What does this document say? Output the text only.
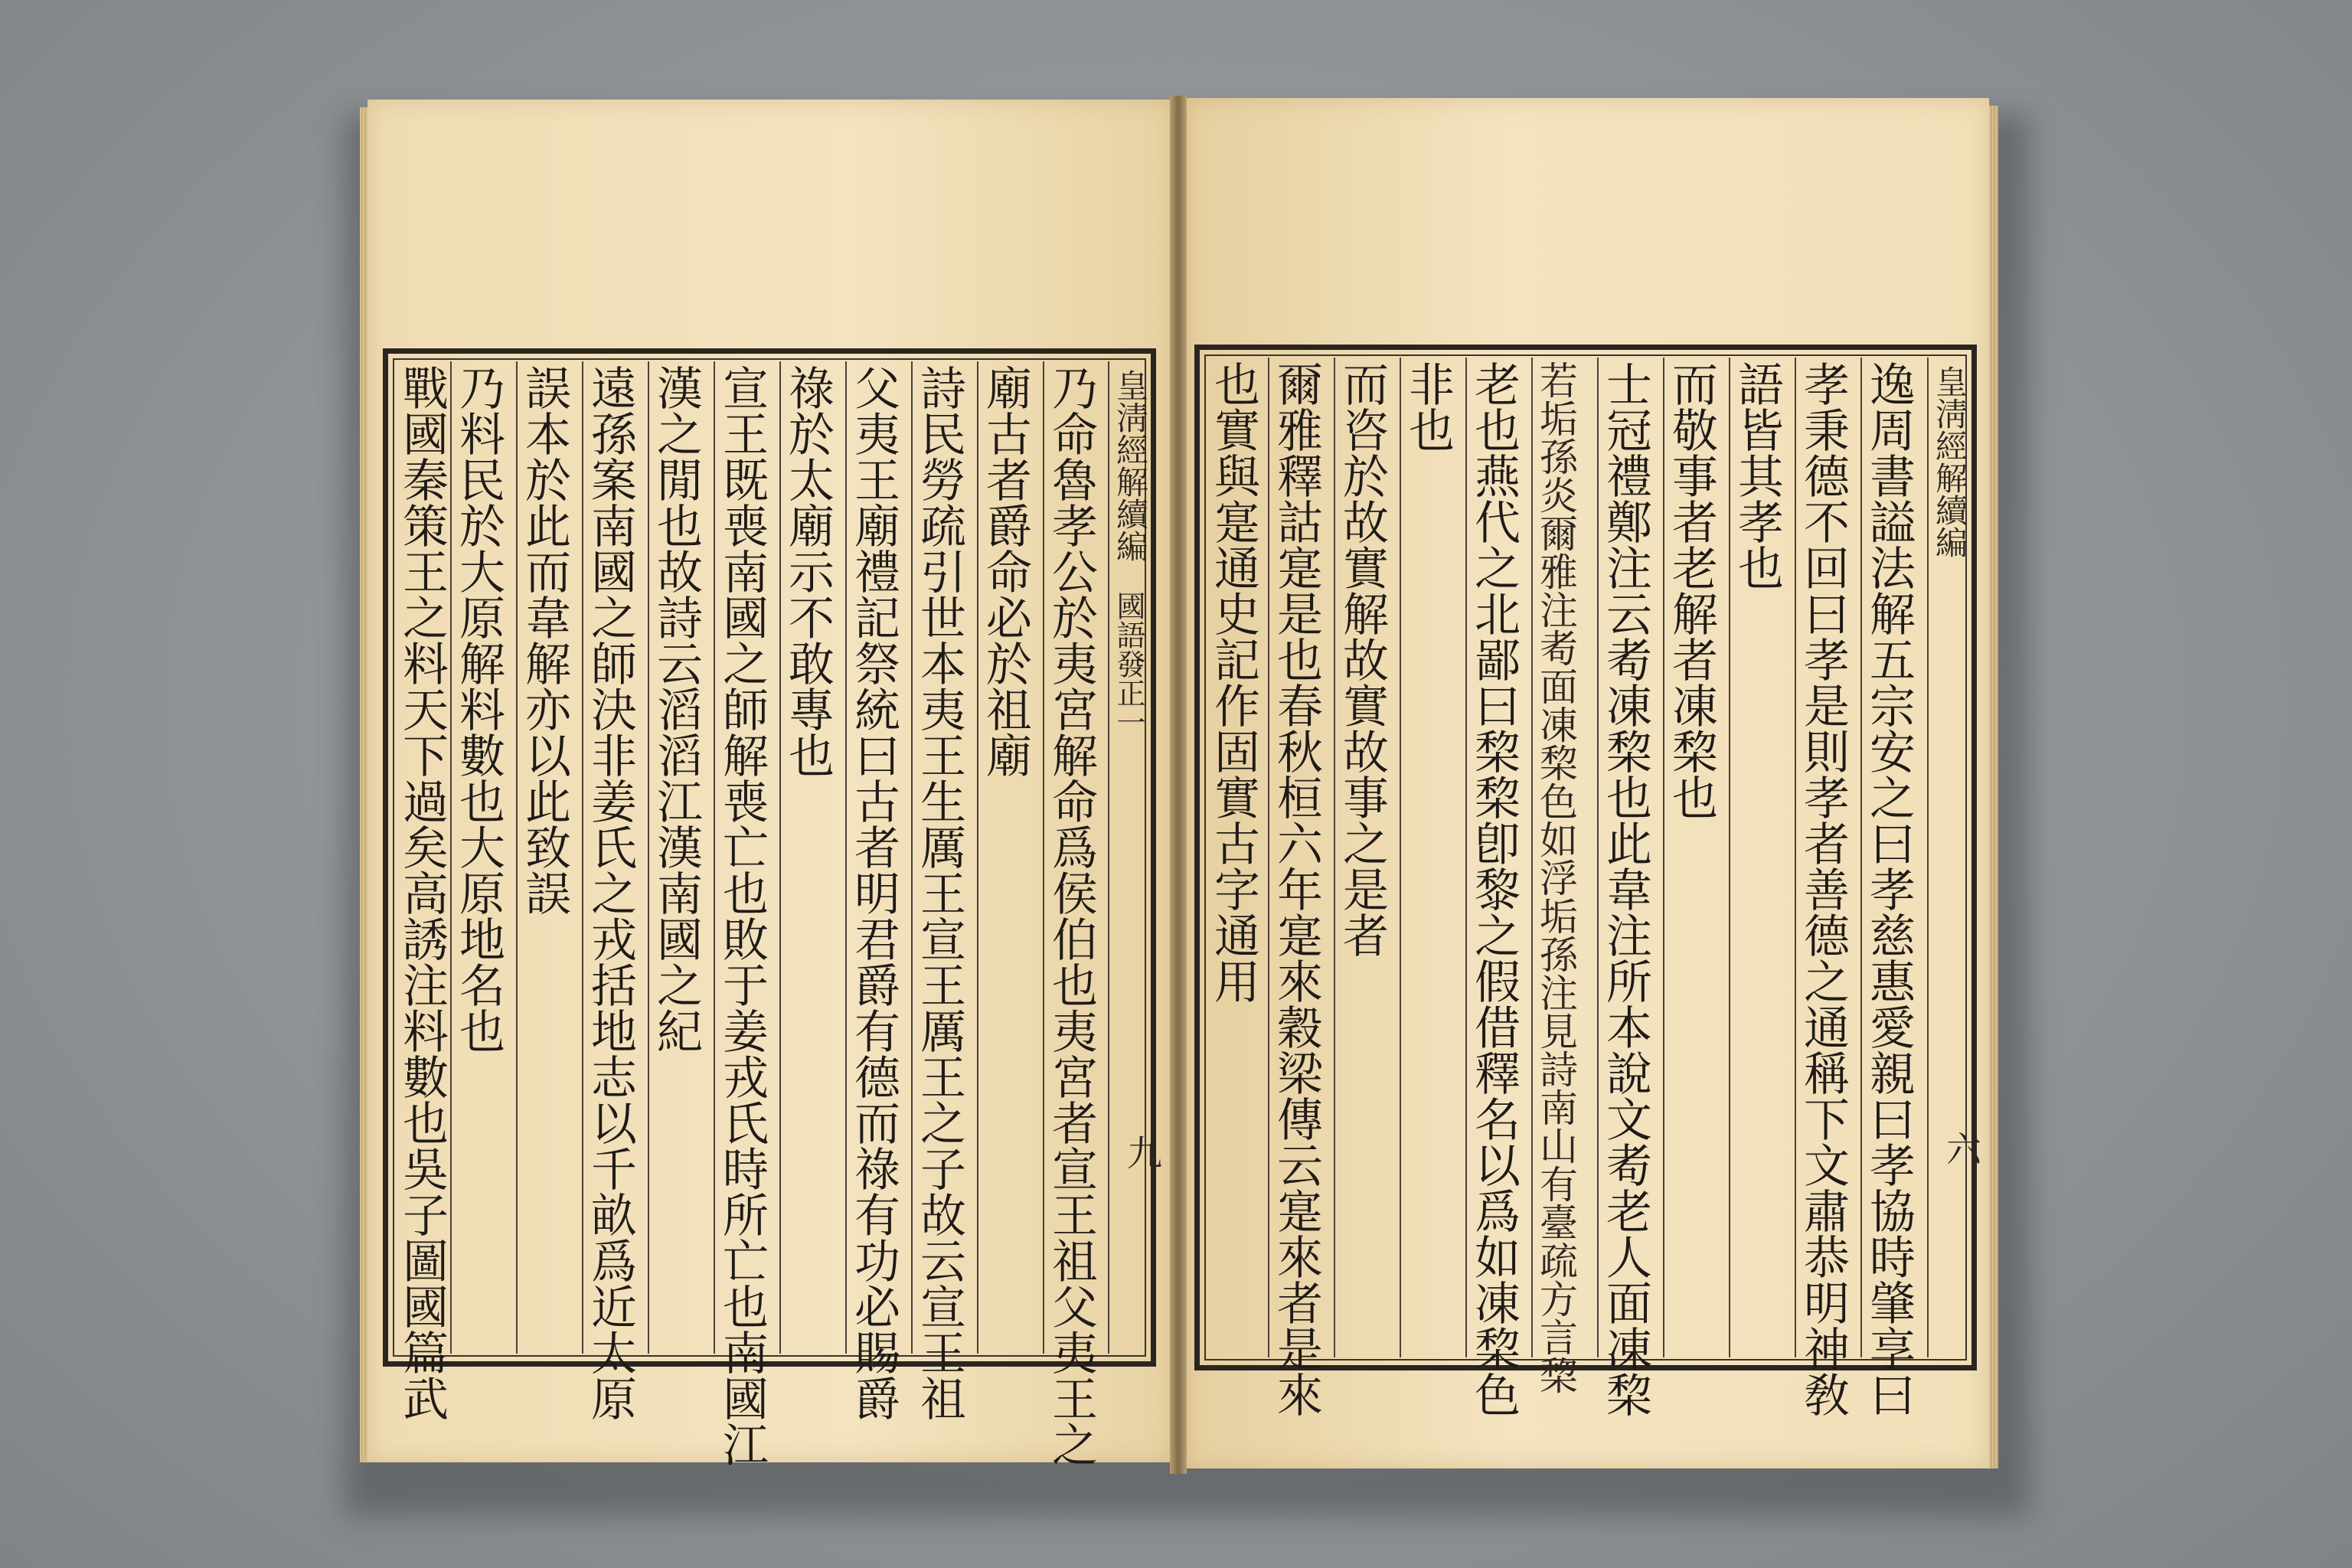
皇淸經解續編
國語發正一
九
乃命魯孝公於夷宮解命爲侯伯也夷宮者宣王祖父夷王之
廟古者爵命必於祖廟
詩民勞疏引世本夷王生厲王宣王厲王之子故云宣王祖
父夷王廟禮記祭統曰古者明君爵有德而祿有功必賜爵
祿於太廟示不敢專也
宣王既喪南國之師解喪亡也敗于姜戎氏時所亡也南國江
漢之閒也故詩云滔滔江漢南國之紀
遠孫案南國之師決非姜氏之戎括地志以千畝爲近太原
誤本於此而韋解亦以此致誤
乃料民於大原解料數也大原地名也
戰國秦策王之料天下過矣高誘注料數也吳子圖國篇武	皇淸經解續編
六
逸周書謚法解五宗安之曰孝慈惠愛親曰孝協時肇享曰
孝秉德不回曰孝是則孝者善德之通稱下文肅恭明神敎
語皆其孝也
而敬事者老解者凍棃也
士冠禮鄭注云耇凍棃也此韋注所本說文耇老人面凍棃
若垢孫炎爾雅注耇面凍棃色如浮垢孫注見詩南山有臺疏方言棃
老也燕代之北鄙曰棃棃卽黎之假借釋名以爲如凍棃色
非也
而咨於故實解故實故事之是者
爾雅釋詁寔是也春秋桓六年寔來穀梁傳云寔來者是來
也實與寔通史記作固實古字通用
